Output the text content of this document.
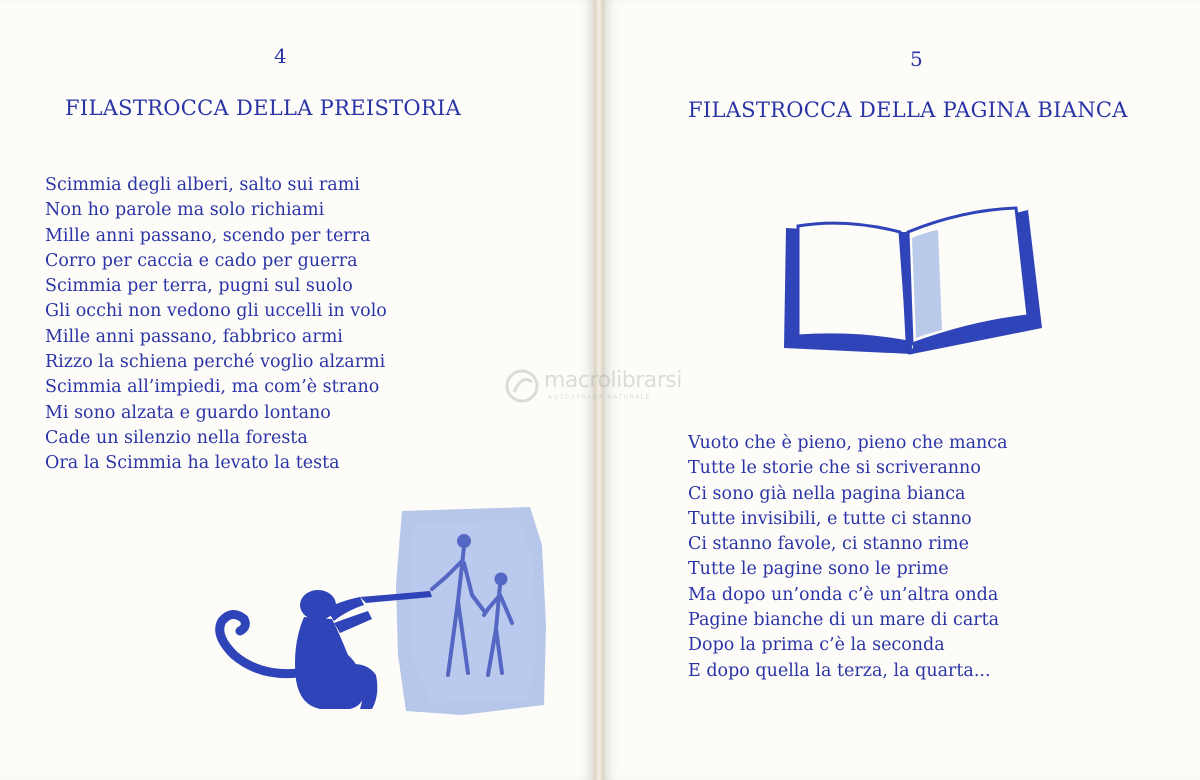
4
FILASTROCCA DELLA PREISTORIA
Scimmia degli alberi, salto sui rami
Non ho parole ma solo richiami
Mille anni passano, scendo per terra
Corro per caccia e cado per guerra
Scimmia per terra, pugni sul suolo
Gli occhi non vedono gli uccelli in volo
Mille anni passano, fabbrico armi
Rizzo la schiena perché voglio alzarmi
Scimmia all’impiedi, ma com’è strano
Mi sono alzata e guardo lontano
Cade un silenzio nella foresta
Ora la Scimmia ha levato la testa
5
FILASTROCCA DELLA PAGINA BIANCA
Vuoto che è pieno, pieno che manca
Tutte le storie che si scriveranno
Ci sono già nella pagina bianca
Tutte invisibili, e tutte ci stanno
Ci stanno favole, ci stanno rime
Tutte le pagine sono le prime
Ma dopo un’onda c’è un’altra onda
Pagine bianche di un mare di carta
Dopo la prima c’è la seconda
E dopo quella la terza, la quarta...
macrolibrarsi
AUTOSTRADA NATURALE
